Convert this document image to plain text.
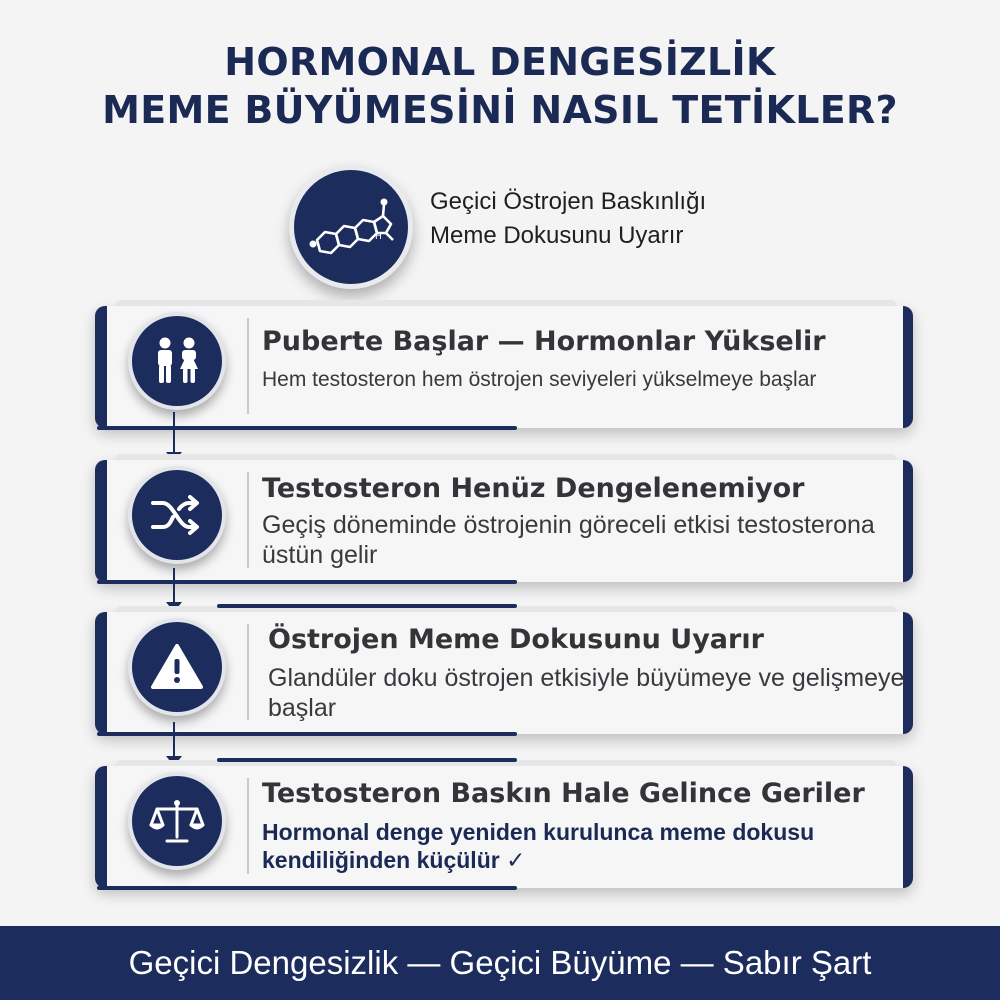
HORMONAL DENGESİZLİK
MEME BÜYÜMESİNİ NASIL TETİKLER?
H
Geçici Östrojen Baskınlığı
Meme Dokusunu Uyarır
Puberte Başlar — Hormonlar Yükselir
Hem testosteron hem östrojen seviyeleri yükselmeye başlar
Testosteron Henüz Dengelenemiyor
Geçiş döneminde östrojenin göreceli etkisi testosterona üstün gelir
Östrojen Meme Dokusunu Uyarır
Glandüler doku östrojen etkisiyle büyümeye ve gelişmeye başlar
Testosteron Baskın Hale Gelince Geriler
Hormonal denge yeniden kurulunca meme dokusu kendiliğinden küçülür ✓
Geçici Dengesizlik — Geçici Büyüme — Sabır Şart
